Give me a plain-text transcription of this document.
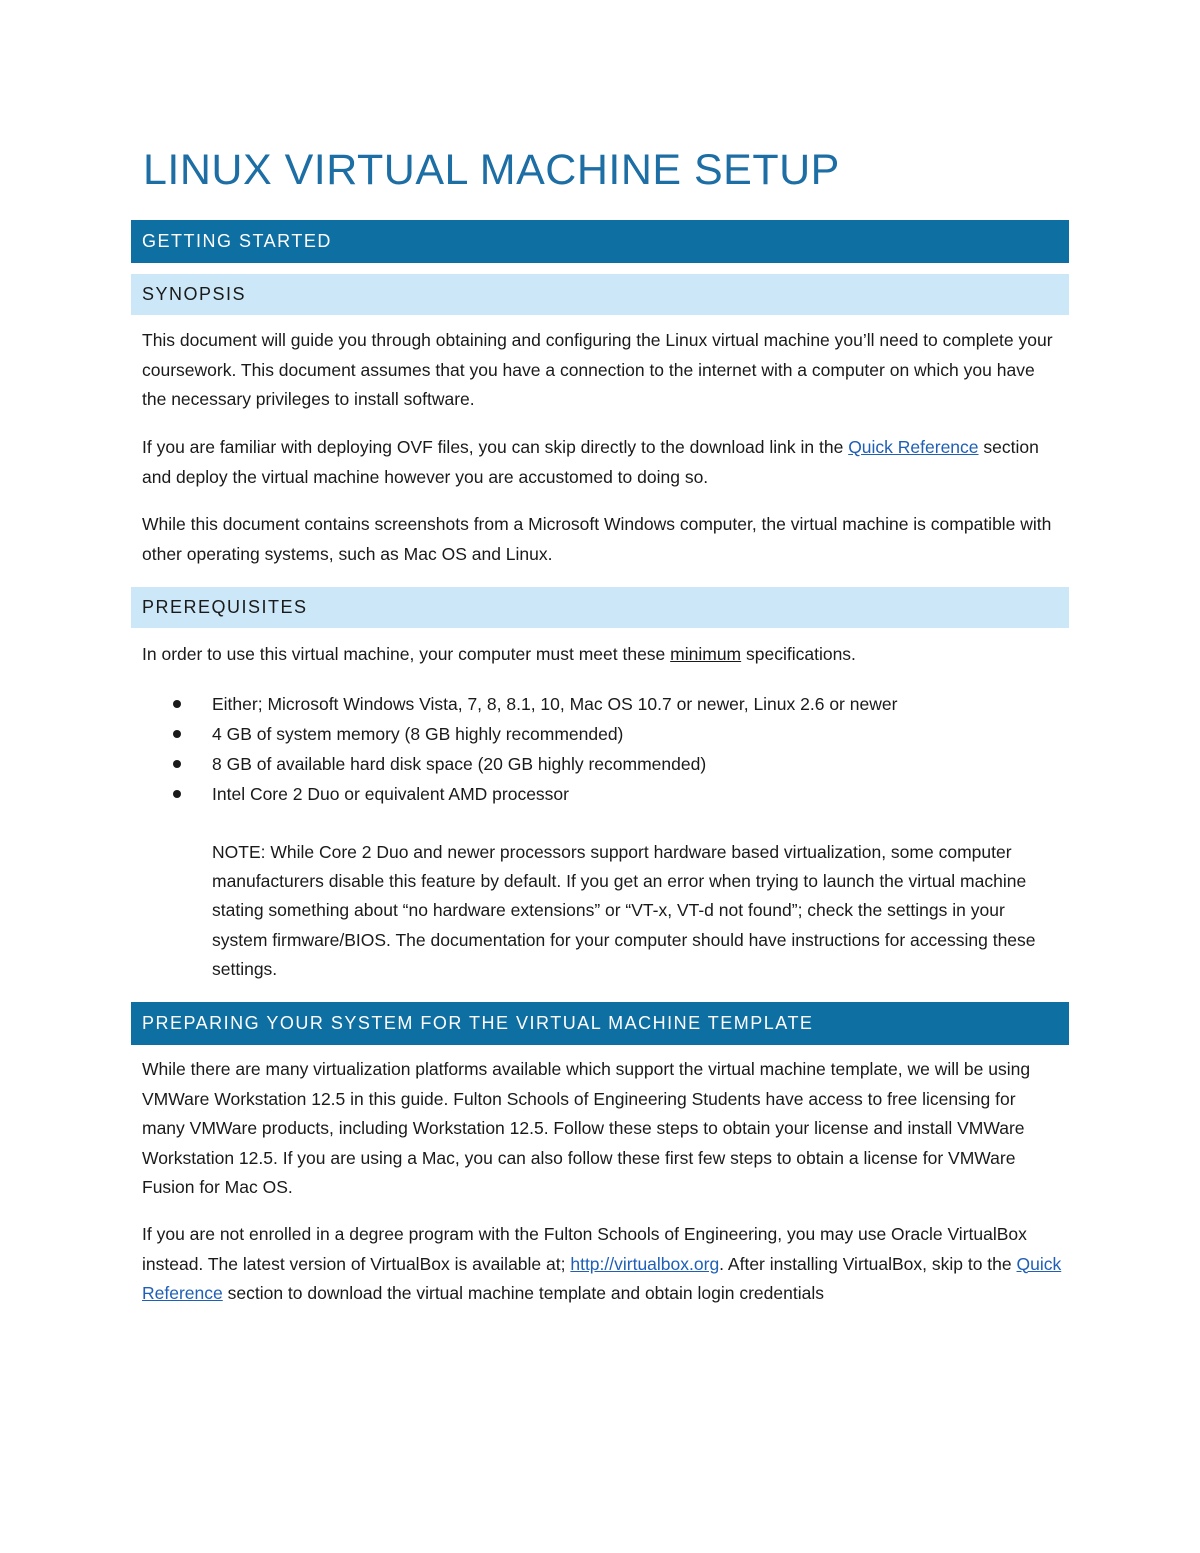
LINUX VIRTUAL MACHINE SETUP
GETTING STARTED
SYNOPSIS

This document will guide you through obtaining and configuring the Linux virtual machine you’ll need to complete your coursework. This document assumes that you have a connection to the internet with a computer on which you have the necessary privileges to install software.

If you are familiar with deploying OVF files, you can skip directly to the download link in the Quick Reference section and deploy the virtual machine however you are accustomed to doing so.

While this document contains screenshots from a Microsoft Windows computer, the virtual machine is compatible with other operating systems, such as Mac OS and Linux.

PREREQUISITES

In order to use this virtual machine, your computer must meet these minimum specifications.

Either; Microsoft Windows Vista, 7, 8, 8.1, 10, Mac OS 10.7 or newer, Linux 2.6 or newer
4 GB of system memory (8 GB highly recommended)
8 GB of available hard disk space (20 GB highly recommended)
Intel Core 2 Duo or equivalent AMD processor

NOTE: While Core 2 Duo and newer processors support hardware based virtualization, some computer manufacturers disable this feature by default. If you get an error when trying to launch the virtual machine stating something about “no hardware extensions” or “VT-x, VT-d not found”; check the settings in your system firmware/BIOS. The documentation for your computer should have instructions for accessing these settings.

PREPARING YOUR SYSTEM FOR THE VIRTUAL MACHINE TEMPLATE

While there are many virtualization platforms available which support the virtual machine template, we will be using VMWare Workstation 12.5 in this guide. Fulton Schools of Engineering Students have access to free licensing for many VMWare products, including Workstation 12.5. Follow these steps to obtain your license and install VMWare Workstation 12.5. If you are using a Mac, you can also follow these first few steps to obtain a license for VMWare Fusion for Mac OS.

If you are not enrolled in a degree program with the Fulton Schools of Engineering, you may use Oracle VirtualBox instead. The latest version of VirtualBox is available at; http://virtualbox.org. After installing VirtualBox, skip to the Quick Reference section to download the virtual machine template and obtain login credentials
